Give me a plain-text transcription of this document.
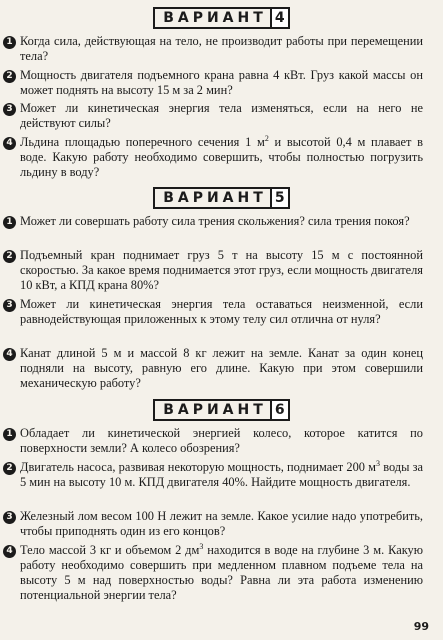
ВАРИАНТ 4
1 Когда сила, действующая на тело, не производит работы при перемещении тела?
2 Мощность двигателя подъемного крана равна 4 кВт. Груз какой массы он может поднять на высоту 15 м за 2 мин?
3 Может ли кинетическая энергия тела изменяться, если на него не действуют силы?
4 Льдина площадью поперечного сечения 1 $м^2$ и высотой 0,4 м плавает в воде. Какую работу необходимо совершить, чтобы полностью погрузить льдину в воду?
ВАРИАНТ 5
1 Может ли совершать работу сила трения скольжения? сила трения покоя?
2 Подъемный кран поднимает груз 5 т на высоту 15 м с постоянной скоростью. За какое время поднимается этот груз, если мощность двигателя 10 кВт, а КПД крана 80%?
3 Может ли кинетическая энергия тела оставаться неизменной, если равнодействующая приложенных к этому телу сил отлична от нуля?
4 Канат длиной 5 м и массой 8 кг лежит на земле. Канат за один конец подняли на высоту, равную его длине. Какую при этом совершили механическую работу?
ВАРИАНТ 6
1 Обладает ли кинетической энергией колесо, которое катится по поверхности земли? А колесо обозрения?
2 Двигатель насоса, развивая некоторую мощность, поднимает 200 $м^3$ воды за 5 мин на высоту 10 м. КПД двигателя 40%. Найдите мощность двигателя.
3 Железный лом весом 100 Н лежит на земле. Какое усилие надо употребить, чтобы приподнять один из его концов?
4 Тело массой 3 кг и объемом 2 $дм^3$ находится в воде на глубине 3 м. Какую работу необходимо совершить при медленном плавном подъеме тела на высоту 5 м над поверхностью воды? Равна ли эта работа изменению потенциальной энергии тела?
99
